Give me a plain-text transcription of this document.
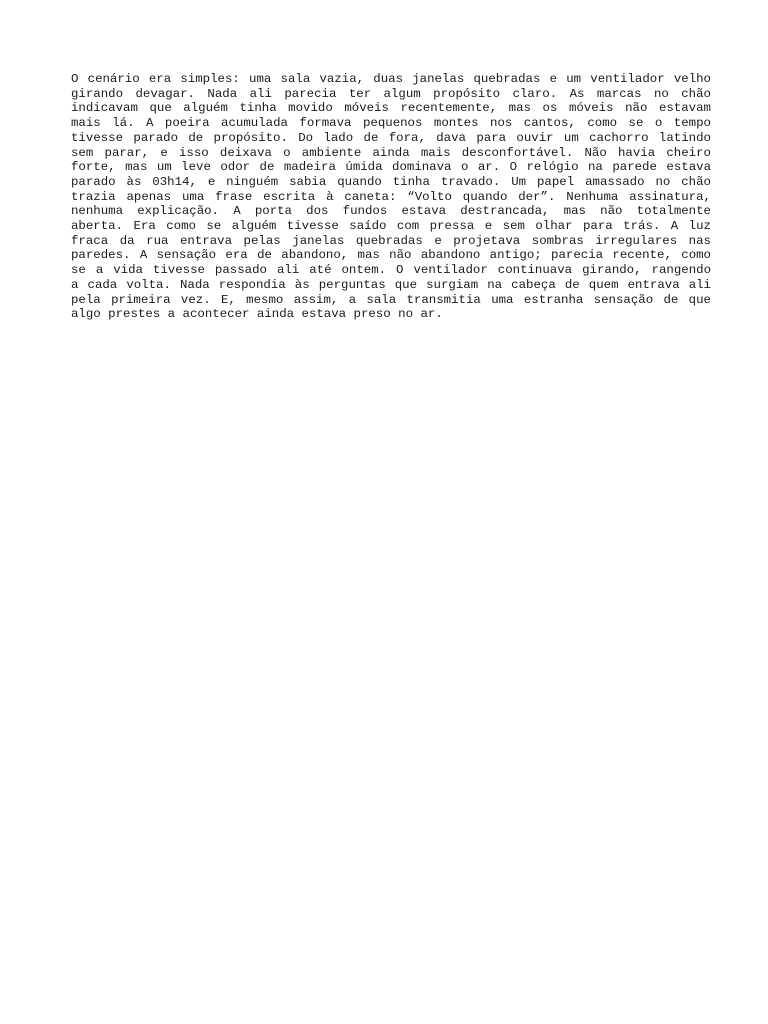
O cenário era simples: uma sala vazia, duas janelas quebradas e um ventilador velho
girando devagar. Nada ali parecia ter algum propósito claro. As marcas no chão
indicavam que alguém tinha movido móveis recentemente, mas os móveis não estavam
mais lá. A poeira acumulada formava pequenos montes nos cantos, como se o tempo
tivesse parado de propósito. Do lado de fora, dava para ouvir um cachorro latindo
sem parar, e isso deixava o ambiente ainda mais desconfortável. Não havia cheiro
forte, mas um leve odor de madeira úmida dominava o ar. O relógio na parede estava
parado às 03h14, e ninguém sabia quando tinha travado. Um papel amassado no chão
trazia apenas uma frase escrita à caneta: “Volto quando der”. Nenhuma assinatura,
nenhuma explicação. A porta dos fundos estava destrancada, mas não totalmente
aberta. Era como se alguém tivesse saído com pressa e sem olhar para trás. A luz
fraca da rua entrava pelas janelas quebradas e projetava sombras irregulares nas
paredes. A sensação era de abandono, mas não abandono antigo; parecia recente, como
se a vida tivesse passado ali até ontem. O ventilador continuava girando, rangendo
a cada volta. Nada respondia às perguntas que surgiam na cabeça de quem entrava ali
pela primeira vez. E, mesmo assim, a sala transmitia uma estranha sensação de que
algo prestes a acontecer ainda estava preso no ar.
